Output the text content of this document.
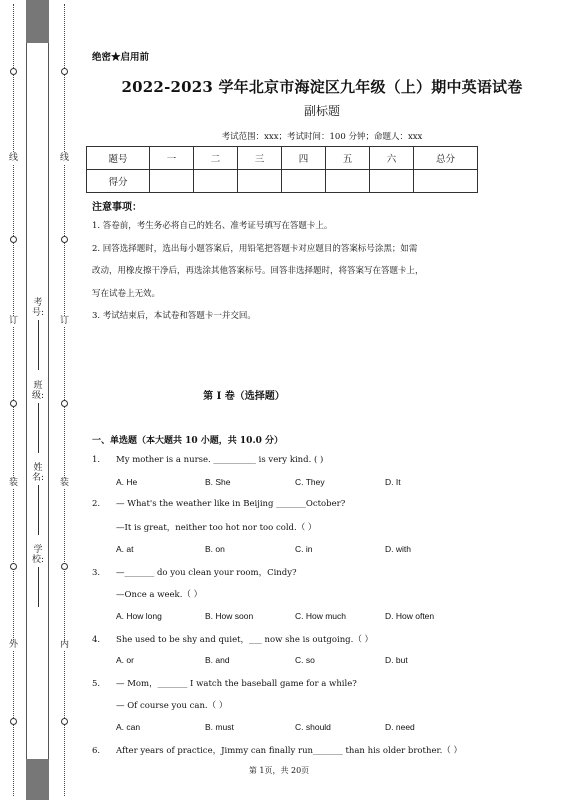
外
装
订
线
内
装
订
线
学校:
姓名:
班级:
考号:
绝密★启用前
2022-2023 学年北京市海淀区九年级（上）期中英语试卷
副标题
考试范围：xxx；考试时间：100 分钟；命题人：xxx
题号	一	二	三	四	五	六	总分
得分							
注意事项：
1. 答卷前，考生务必将自己的姓名、准考证号填写在答题卡上。
2. 回答选择题时，选出每小题答案后，用铅笔把答题卡对应题目的答案标号涂黑；如需
改动，用橡皮擦干净后，再选涂其他答案标号。回答非选择题时，将答案写在答题卡上，
写在试卷上无效。
3. 考试结束后，本试卷和答题卡一并交回。
第 I 卷（选择题）
一、单选题（本大题共 10 小题，共 10.0 分）
1. My mother is a nurse. __________ is very kind. ( )
A. He	B. She	C. They	D. It
2. — What's the weather like in Beijing _______October?
—It is great，neither too hot nor too cold.（ ）
A. at	B. on	C. in	D. with
3. —_______ do you clean your room，Cindy?
—Once a week.（ ）
A. How long	B. How soon	C. How much	D. How often
4. She used to be shy and quiet，___ now she is outgoing.（ ）
A. or	B. and	C. so	D. but
5. — Mom，_______ I watch the baseball game for a while?
— Of course you can.（ ）
A. can	B. must	C. should	D. need
6. After years of practice，Jimmy can finally run_______ than his older brother.（ ）
第 1页，共 20页
